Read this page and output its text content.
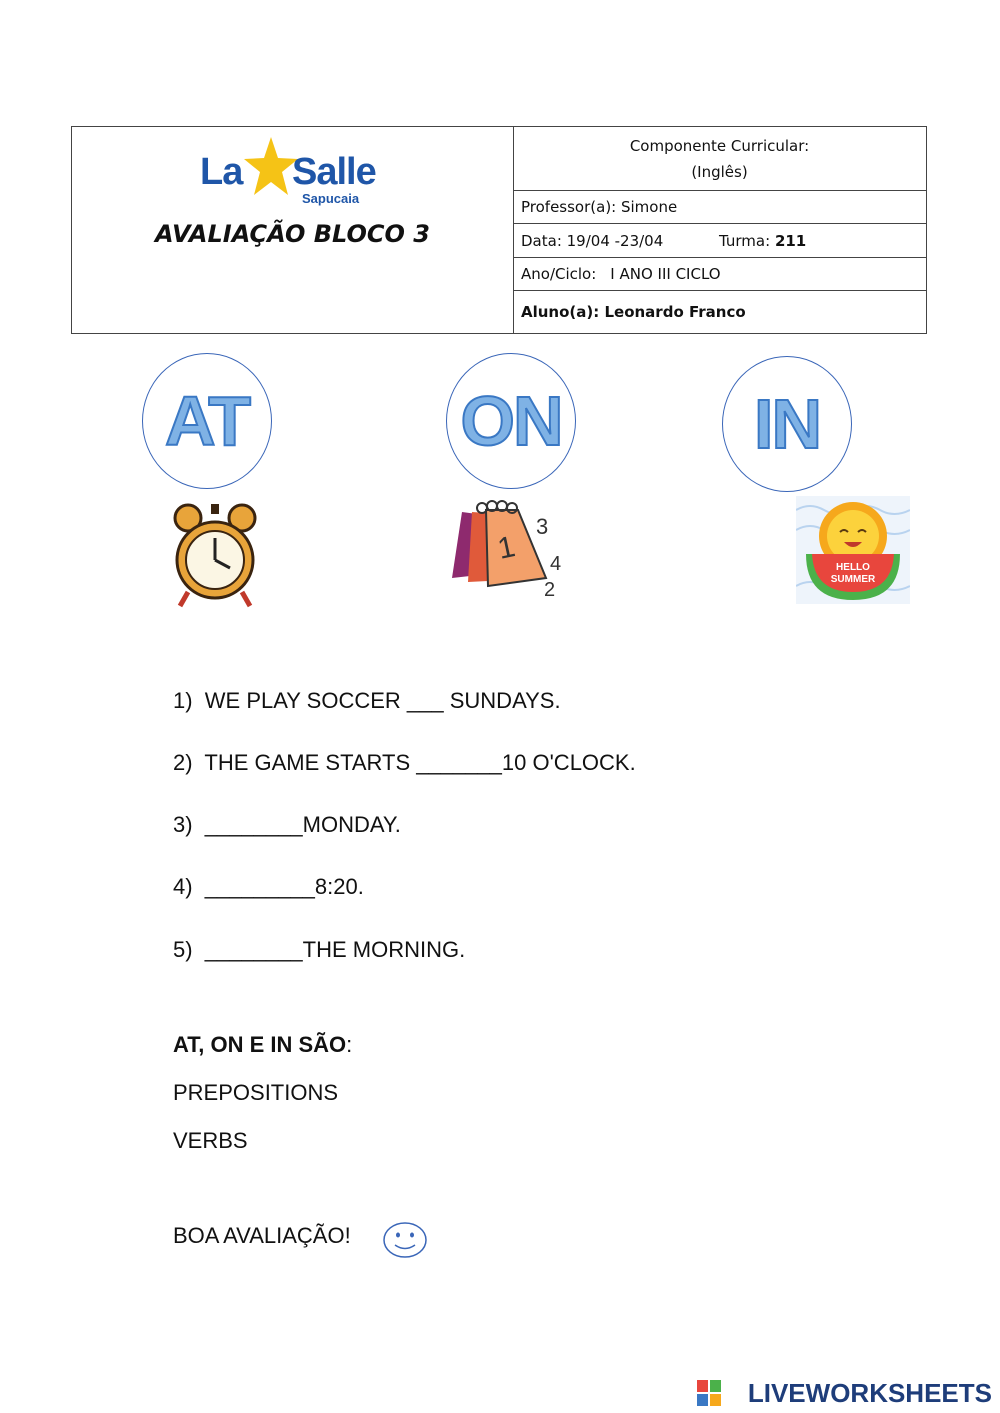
La Salle
Sapucaia
AVALIAÇÃO BLOCO 3
Componente Curricular:
(Inglês)
Professor(a): Simone
Data: 19/04 -23/04	Turma:
211
Ano/Ciclo: I ANO III CICLO
Aluno(a): Leonardo Franco
AT	ON	IN
1
3
4
2
HELLO
SUMMER
1)  WE PLAY SOCCER ___ SUNDAYS.
2)  THE GAME STARTS _______10 O'CLOCK.
3)  ________MONDAY.
4)  _________8:20.
5)  ________THE MORNING.
AT, ON E IN SÃO:
PREPOSITIONS
VERBS
BOA AVALIAÇÃO!
LIVEWORKSHEETS
